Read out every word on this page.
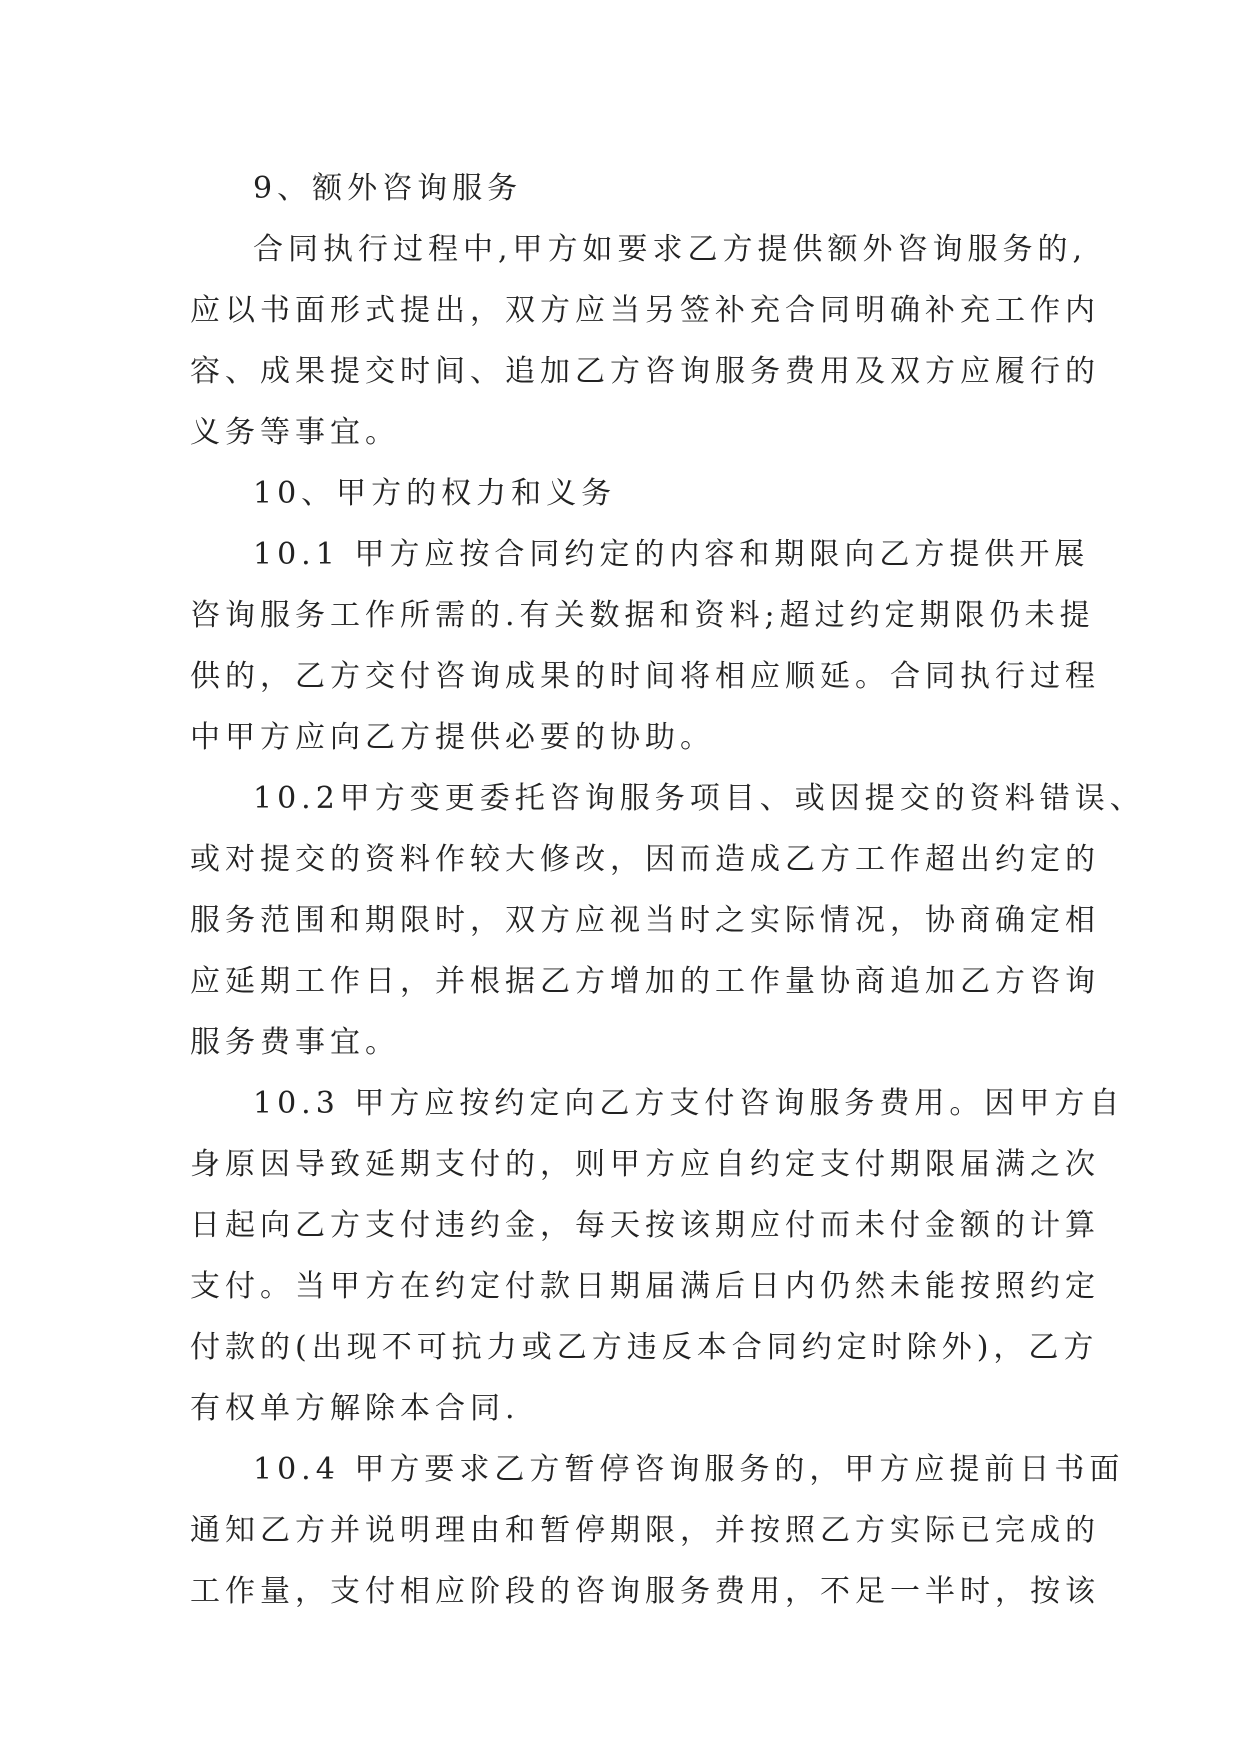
9、额外咨询服务
合同执行过程中,甲方如要求乙方提供额外咨询服务的,
应以书面形式提出，双方应当另签补充合同明确补充工作内
容、成果提交时间、追加乙方咨询服务费用及双方应履行的
义务等事宜。
10、甲方的权力和义务
10.1 甲方应按合同约定的内容和期限向乙方提供开展
咨询服务工作所需的.有关数据和资料;超过约定期限仍未提
供的，乙方交付咨询成果的时间将相应顺延。合同执行过程
中甲方应向乙方提供必要的协助。
10.2甲方变更委托咨询服务项目、或因提交的资料错误、
或对提交的资料作较大修改，因而造成乙方工作超出约定的
服务范围和期限时，双方应视当时之实际情况，协商确定相
应延期工作日，并根据乙方增加的工作量协商追加乙方咨询
服务费事宜。
10.3 甲方应按约定向乙方支付咨询服务费用。因甲方自
身原因导致延期支付的，则甲方应自约定支付期限届满之次
日起向乙方支付违约金，每天按该期应付而未付金额的计算
支付。当甲方在约定付款日期届满后日内仍然未能按照约定
付款的(出现不可抗力或乙方违反本合同约定时除外)，乙方
有权单方解除本合同.
10.4 甲方要求乙方暂停咨询服务的，甲方应提前日书面
通知乙方并说明理由和暂停期限，并按照乙方实际已完成的
工作量，支付相应阶段的咨询服务费用，不足一半时，按该
